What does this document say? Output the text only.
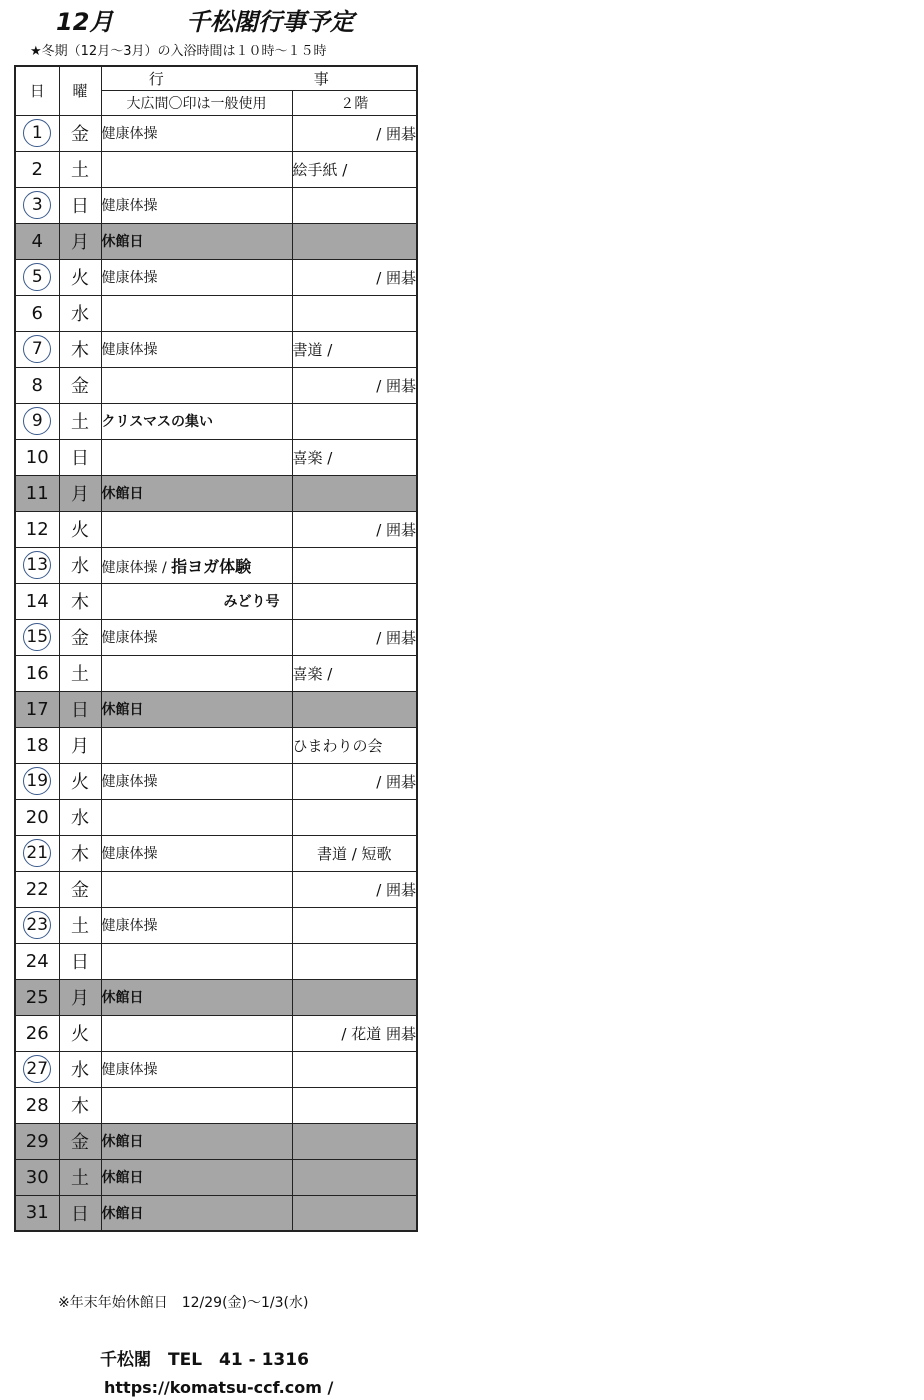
12月	千松閣行事予定
★冬期（12月～3月）の入浴時間は１０時～１５時
日	曜	行　　事	
		大広間〇印は一般使用	２階
1	金	健康体操	/ 囲碁
2	土		絵手紙 /
3	日	健康体操	
4	月	休館日	
5	火	健康体操	/ 囲碁
6	水		
7	木	健康体操	書道 /
8	金		/ 囲碁
9	土	クリスマスの集い	
10	日		喜楽 /
11	月	休館日	
12	火		/ 囲碁
13	水	健康体操 / 指ヨガ体験	
14	木	みどり号	
15	金	健康体操	/ 囲碁
16	土		喜楽 /
17	日	休館日	
18	月		ひまわりの会
19	火	健康体操	/ 囲碁
20	水		
21	木	健康体操	書道 / 短歌
22	金		/ 囲碁
23	土	健康体操	
24	日		
25	月	休館日	
26	火		/ 花道 囲碁
27	水	健康体操	
28	木		
29	金	休館日	
30	土	休館日	
31	日	休館日	
※年末年始休館日　12/29(金)～1/3(水)
千松閣　TEL　41 - 1316
https://komatsu-ccf.com /
